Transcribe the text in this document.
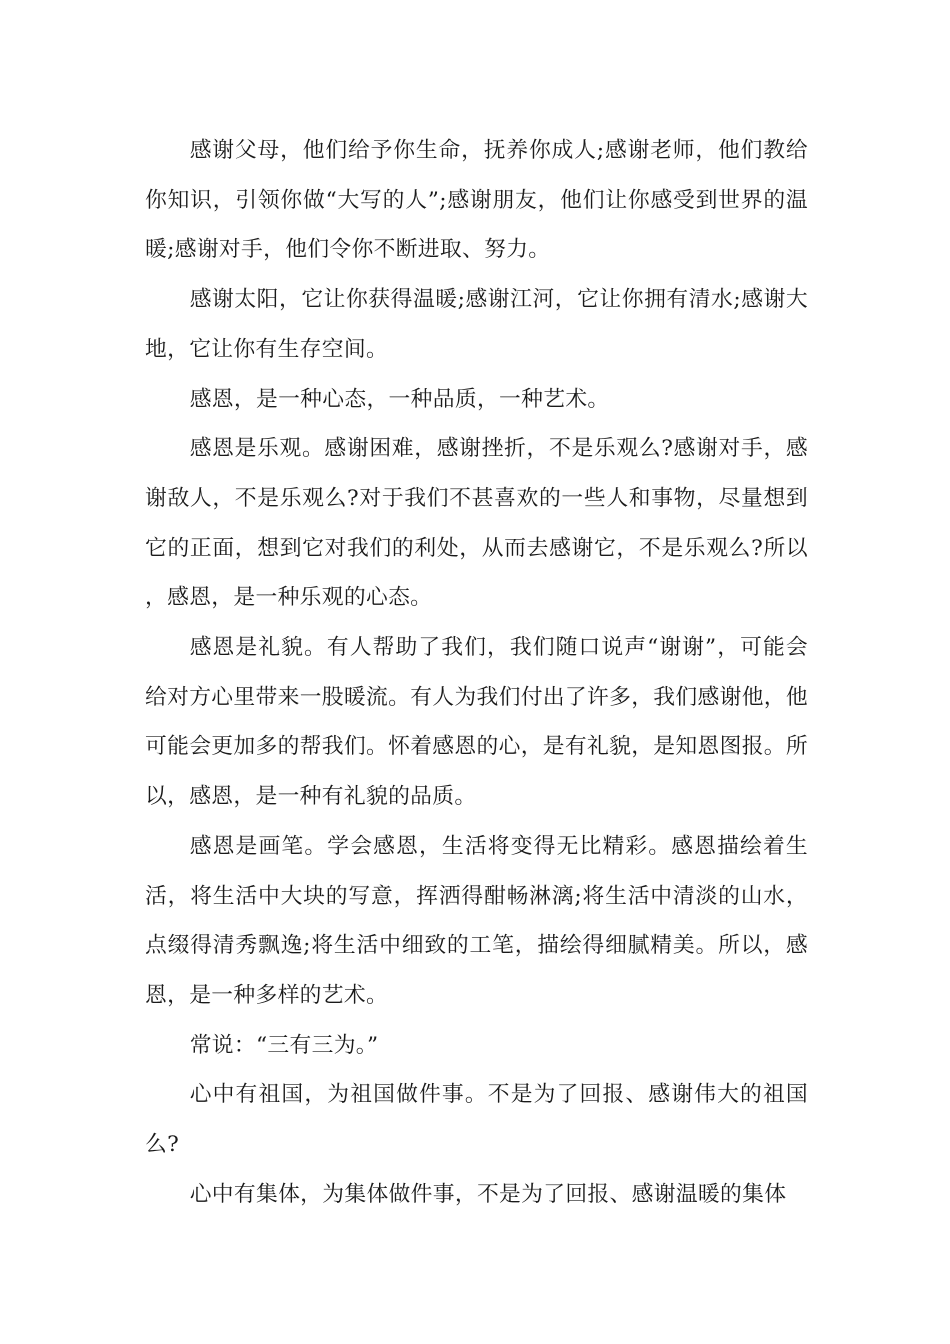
感谢父母，他们给予你生命，抚养你成人;感谢老师，他们教给你知识，引领你做“大写的人”;感谢朋友，他们让你感受到世界的温暖;感谢对手，他们令你不断进取、努力。

感谢太阳，它让你获得温暖;感谢江河，它让你拥有清水;感谢大地，它让你有生存空间。

感恩，是一种心态，一种品质，一种艺术。

感恩是乐观。感谢困难，感谢挫折，不是乐观么?感谢对手，感谢敌人，不是乐观么?对于我们不甚喜欢的一些人和事物，尽量想到它的正面，想到它对我们的利处，从而去感谢它，不是乐观么?所以，感恩，是一种乐观的心态。

感恩是礼貌。有人帮助了我们，我们随口说声“谢谢”，可能会给对方心里带来一股暖流。有人为我们付出了许多，我们感谢他，他可能会更加多的帮我们。怀着感恩的心，是有礼貌，是知恩图报。所以，感恩，是一种有礼貌的品质。

感恩是画笔。学会感恩，生活将变得无比精彩。感恩描绘着生活，将生活中大块的写意，挥洒得酣畅淋漓;将生活中清淡的山水，点缀得清秀飘逸;将生活中细致的工笔，描绘得细腻精美。所以，感恩，是一种多样的艺术。

常说：“三有三为。”

心中有祖国，为祖国做件事。不是为了回报、感谢伟大的祖国么?

心中有集体，为集体做件事，不是为了回报、感谢温暖的集体
